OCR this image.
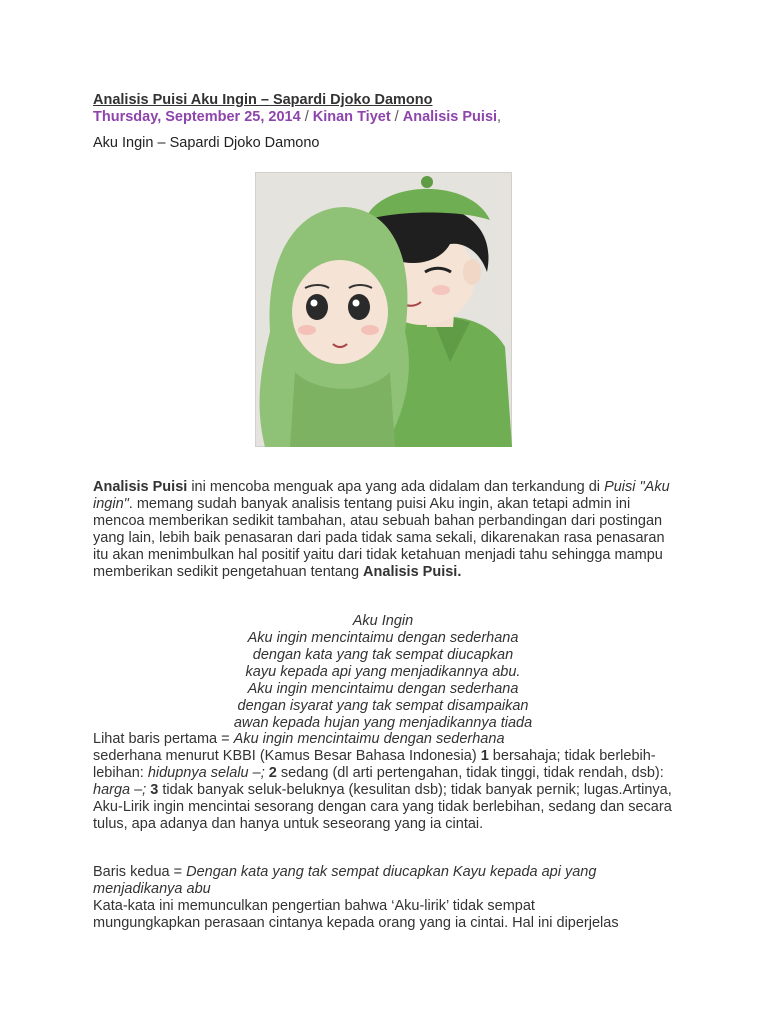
Analisis Puisi Aku Ingin – Sapardi Djoko Damono
Thursday, September 25, 2014 / Kinan Tiyet / Analisis Puisi,
Aku Ingin – Sapardi Djoko Damono
Analisis Puisi ini mencoba menguak apa yang ada didalam dan terkandung di Puisi "Aku ingin". memang sudah banyak analisis tentang puisi Aku ingin, akan tetapi admin ini mencoa memberikan sedikit tambahan, atau sebuah bahan perbandingan dari postingan yang lain, lebih baik penasaran dari pada tidak sama sekali, dikarenakan rasa penasaran itu akan menimbulkan hal positif yaitu dari tidak ketahuan menjadi tahu sehingga mampu memberikan sedikit pengetahuan tentang Analisis Puisi.
Aku Ingin
Aku ingin mencintaimu dengan sederhana
dengan kata yang tak sempat diucapkan
kayu kepada api yang menjadikannya abu.
Aku ingin mencintaimu dengan sederhana
dengan isyarat yang tak sempat disampaikan
awan kepada hujan yang menjadikannya tiada
Lihat baris pertama = Aku ingin mencintaimu dengan sederhana
sederhana menurut KBBI (Kamus Besar Bahasa Indonesia) 1 bersahaja; tidak berlebih-lebihan: hidupnya selalu –; 2 sedang (dl arti pertengahan, tidak tinggi, tidak rendah, dsb): harga –; 3 tidak banyak seluk-beluknya (kesulitan dsb); tidak banyak pernik; lugas.Artinya, Aku-Lirik ingin mencintai sesorang dengan cara yang tidak berlebihan, sedang dan secara tulus, apa adanya dan hanya untuk seseorang yang ia cintai.
Baris kedua = Dengan kata yang tak sempat diucapkan Kayu kepada api yang menjadikanya abu
Kata-kata ini memunculkan pengertian bahwa ‘Aku-lirik’ tidak sempat
mungungkapkan perasaan cintanya kepada orang yang ia cintai. Hal ini diperjelas
